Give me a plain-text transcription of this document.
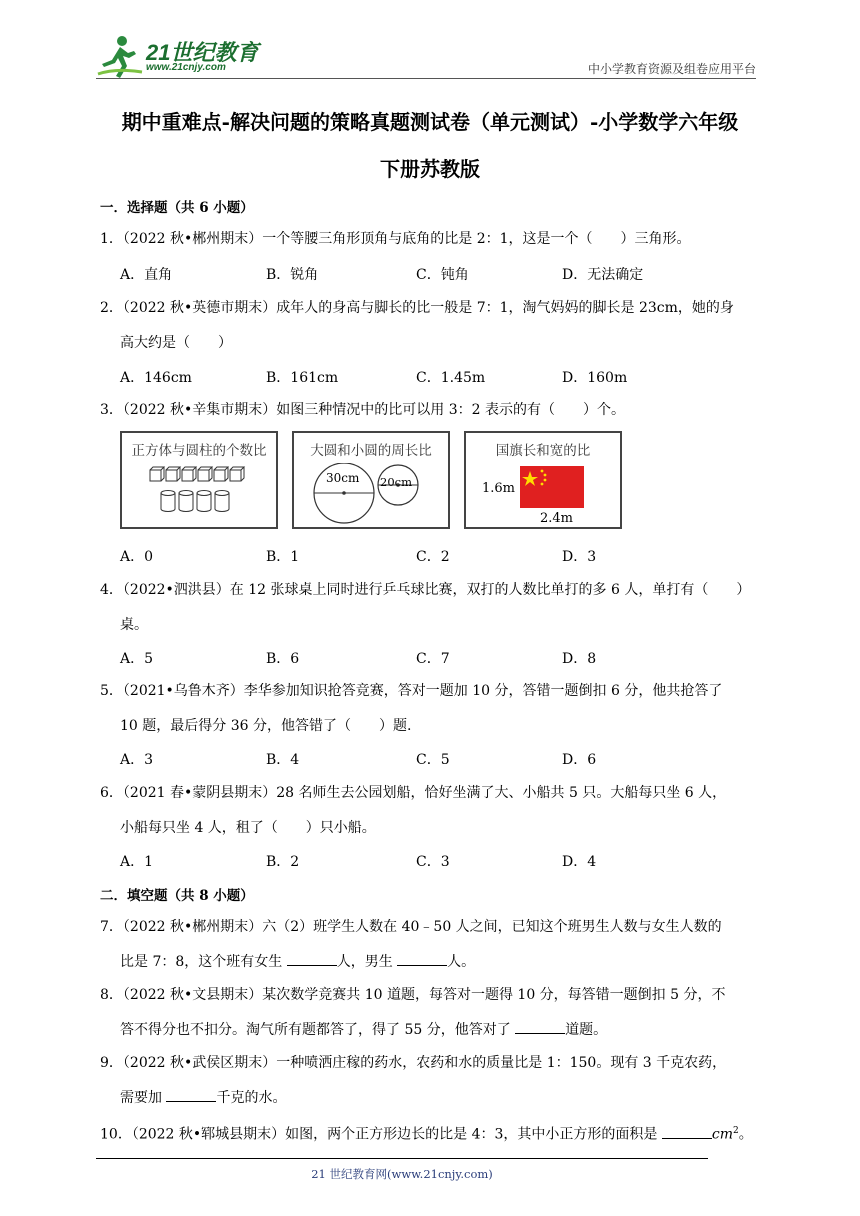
21世纪教育
www.21cnjy.com	中小学教育资源及组卷应用平台
期中重难点-解决问题的策略真题测试卷（单元测试）-小学数学六年级
下册苏教版
一．选择题（共 6 小题）
1．（2022 秋•郴州期末）一个等腰三角形顶角与底角的比是 2：1，这是一个（　　）三角形。
A．直角	B．锐角	C．钝角	D．无法确定
2．（2022 秋•英德市期末）成年人的身高与脚长的比一般是 7：1，淘气妈妈的脚长是 23cm，她的身
高大约是（　　）
A．146cm	B．161cm	C．1.45m	D．160m
3．（2022 秋•辛集市期末）如图三种情况中的比可以用 3：2 表示的有（　　）个。
正方体与圆柱的个数比	大圆和小圆的周长比
30cm 20cm
国旗长和宽的比
1.6m
2.4m
A．0	B．1	C．2	D．3
4．（2022•泗洪县）在 12 张球桌上同时进行乒乓球比赛，双打的人数比单打的多 6 人，单打有（　　）
桌。
A．5	B．6	C．7	D．8
5．（2021•乌鲁木齐）李华参加知识抢答竞赛，答对一题加 10 分，答错一题倒扣 6 分，他共抢答了
10 题，最后得分 36 分，他答错了（　　）题.
A．3	B．4	C．5	D．6
6．（2021 春•蒙阴县期末）28 名师生去公园划船，恰好坐满了大、小船共 5 只。大船每只坐 6 人，
小船每只坐 4 人，租了（　　）只小船。
A．1	B．2	C．3	D．4
二．填空题（共 8 小题）
7．（2022 秋•郴州期末）六（2）班学生人数在 40﹣50 人之间，已知这个班男生人数与女生人数的
比是 7：8，这个班有女生	人，男生	人。
8．（2022 秋•文县期末）某次数学竞赛共 10 道题，每答对一题得 10 分，每答错一题倒扣 5 分，不
答不得分也不扣分。淘气所有题都答了，得了 55 分，他答对了	道题。
9．（2022 秋•武侯区期末）一种喷洒庄稼的药水，农药和水的质量比是 1：150。现有 3 千克农药，
需要加	千克的水。
10．（2022 秋•郓城县期末）如图，两个正方形边长的比是 4：3，其中小正方形的面积是	$cm^2$。
21 世纪教育网(www.21cnjy.com)
